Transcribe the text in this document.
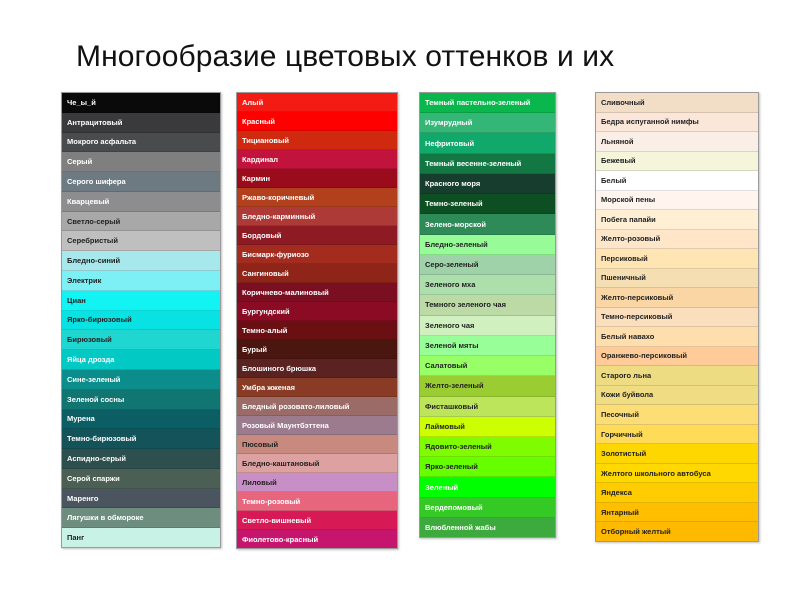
Многообразие цветовых оттенков и их
Че_ы_й
Антрацитовый
Мокрого асфальта
Серый
Серого шифера
Кварцевый
Светло-серый
Серебристый
Бледно-синий
Электрик
Циан
Ярко-бирюзовый
Бирюзовый
Яйца дрозда
Сине-зеленый
Зеленой сосны
Мурена
Темно-бирюзовый
Аспидно-серый
Серой спаржи
Маренго
Лягушки в обмороке
Панг
Алый
Красный
Тициановый
Кардинал
Кармин
Ржаво-коричневый
Бледно-карминный
Бордовый
Бисмарк-фуриозо
Сангиновый
Коричнево-малиновый
Бургундский
Темно-алый
Бурый
Блошиного брюшка
Умбра жженая
Бледный розовато-лиловый
Розовый Маунтбэттена
Пюсовый
Бледно-каштановый
Лиловый
Темно-розовый
Светло-вишневый
Фиолетово-красный
Темный пастельно-зеленый
Изумрудный
Нефритовый
Темный весенне-зеленый
Красного моря
Темно-зеленый
Зелено-морской
Бледно-зеленый
Серо-зеленый
Зеленого мха
Темного зеленого чая
Зеленого чая
Зеленой мяты
Салатовый
Желто-зеленый
Фисташковый
Лаймовый
Ядовито-зеленый
Ярко-зеленый
Зеленый
Вердепомовый
Влюбленной жабы
Сливочный
Бедра испуганной нимфы
Льняной
Бежевый
Белый
Морской пены
Побега папайи
Желто-розовый
Персиковый
Пшеничный
Желто-персиковый
Темно-персиковый
Белый навахо
Оранжево-персиковый
Старого льна
Кожи буйвола
Песочный
Горчичный
Золотистый
Желтого школьного автобуса
Яндекса
Янтарный
Отборный желтый
